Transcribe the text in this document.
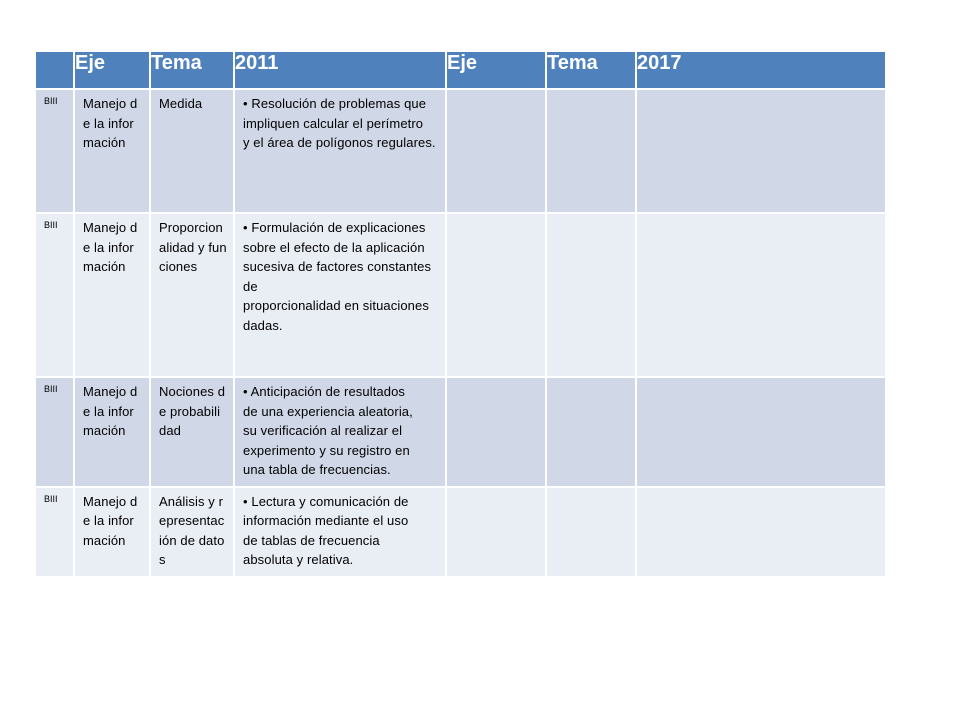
	Eje	Tema	2011	Eje	Tema	2017

BIII	Manejo de la información	Medida	• Resolución de problemas que
impliquen calcular el perímetro
y el área de polígonos regulares.			

BIII	Manejo de la información	Proporcionalidad y funciones	• Formulación de explicaciones
sobre el efecto de la aplicación
sucesiva de factores constantes de
proporcionalidad en situaciones dadas.			

BIII	Manejo de la información	Nociones de probabilidad	• Anticipación de resultados
de una experiencia aleatoria,
su verificación al realizar el
experimento y su registro en
una tabla de frecuencias.			

BIII	Manejo de la información	Análisis y representación de datos	• Lectura y comunicación de
información mediante el uso
de tablas de frecuencia
absoluta y relativa.			
